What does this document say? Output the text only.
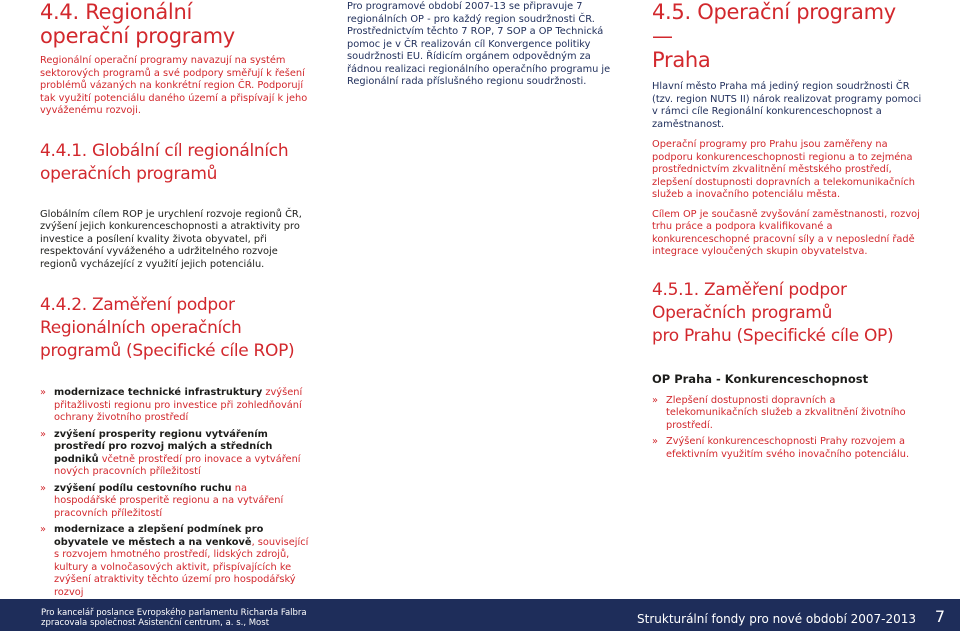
4.4. Regionální
operační programy

Regionální operační programy navazují na systém sektorových programů a své podpory směřují k řešení problémů vázaných na konkrétní region ČR. Podporují tak využití potenciálu daného území a přispívají k jeho vyváženému rozvoji.

4.4.1. Globální cíl regionálních
operačních programů

Globálním cílem ROP je urychlení rozvoje regionů ČR, zvýšení jejich konkurenceschopnosti a atraktivity pro investice a posílení kvality života obyvatel, při respektování vyváženého a udržitelného rozvoje regionů vycházející z využití jejich potenciálu.

4.4.2. Zaměření podpor
Regionálních operačních
programů (Specifické cíle ROP)
» modernizace technické infrastruktury zvýšení přitažlivosti regionu pro investice při zohledňování ochrany životního prostředí
» zvýšení prosperity regionu vytvářením prostředí pro rozvoj malých a středních podniků včetně prostředí pro inovace a vytváření nových pracovních příležitostí
» zvýšení podílu cestovního ruchu na hospodářské prosperitě regionu a na vytváření pracovních příležitostí
» modernizace a zlepšení podmínek pro obyvatele ve městech a na venkově, související s rozvojem hmotného prostředí, lidských zdrojů, kultury a volnočasových aktivit, přispívajících ke zvýšení atraktivity těchto území pro hospodářský rozvoj

Pro programové období 2007-13 se připravuje 7 regionálních OP - pro každý region soudržnosti ČR. Prostřednictvím těchto 7 ROP, 7 SOP a OP Technická pomoc je v ČR realizován cíl Konvergence politiky soudržnosti EU. Řídicím orgánem odpovědným za řádnou realizaci regionálního operačního programu je Regionální rada příslušného regionu soudržnosti.

4.5. Operační programy —
Praha

Hlavní město Praha má jediný region soudržnosti ČR (tzv. region NUTS II) nárok realizovat programy pomoci v rámci cíle Regionální konkurenceschopnost a zaměstnanost.

Operační programy pro Prahu jsou zaměřeny na podporu konkurenceschopnosti regionu a to zejména prostřednictvím zkvalitnění městského prostředí, zlepšení dostupnosti dopravních a telekomunikačních služeb a inovačního potenciálu města.

Cílem OP je současně zvyšování zaměstnanosti, rozvoj trhu práce a podpora kvalifikované a konkurenceschopné pracovní síly a v neposlední řadě integrace vyloučených skupin obyvatelstva.

4.5.1. Zaměření podpor
Operačních programů
pro Prahu (Specifické cíle OP)

OP Praha - Konkurenceschopnost

» Zlepšení dostupnosti dopravních a telekomunikačních služeb a zkvalitnění životního prostředí.
» Zvýšení konkurenceschopnosti Prahy rozvojem a efektivním využitím svého inovačního potenciálu.
Pro kancelář poslance Evropského parlamentu Richarda Falbra
zpracovala společnost Asistenční centrum, a. s., Most	Strukturální fondy pro nové období 2007-2013 7
